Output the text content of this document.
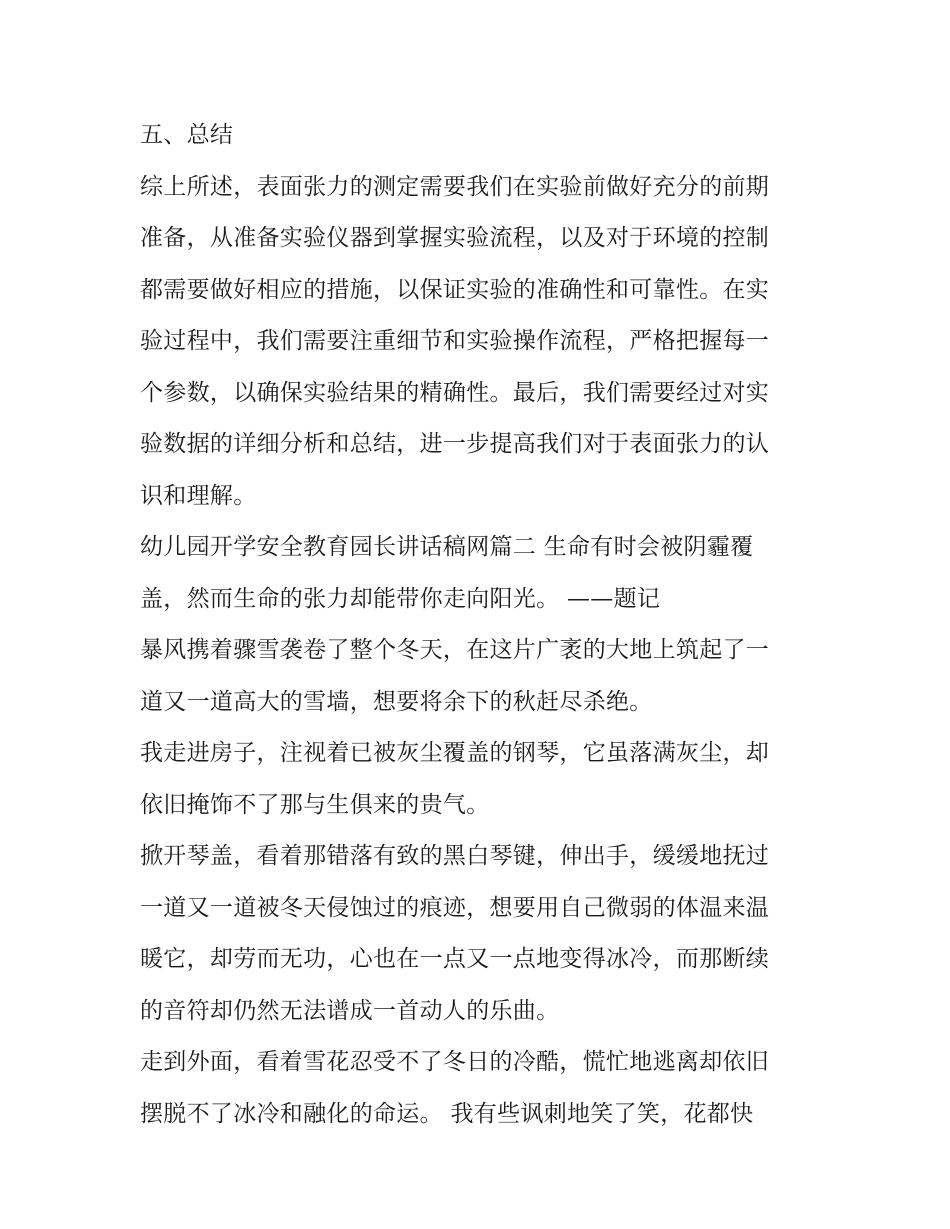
五、总结
综上所述，表面张力的测定需要我们在实验前做好充分的前期
准备，从准备实验仪器到掌握实验流程，以及对于环境的控制
都需要做好相应的措施，以保证实验的准确性和可靠性。在实
验过程中，我们需要注重细节和实验操作流程，严格把握每一
个参数，以确保实验结果的精确性。最后，我们需要经过对实
验数据的详细分析和总结，进一步提高我们对于表面张力的认
识和理解。
幼儿园开学安全教育园长讲话稿网篇二 生命有时会被阴霾覆
盖，然而生命的张力却能带你走向阳光。 ——题记
暴风携着骤雪袭卷了整个冬天，在这片广袤的大地上筑起了一
道又一道高大的雪墙，想要将余下的秋赶尽杀绝。
我走进房子，注视着已被灰尘覆盖的钢琴，它虽落满灰尘，却
依旧掩饰不了那与生俱来的贵气。
掀开琴盖，看着那错落有致的黑白琴键，伸出手，缓缓地抚过
一道又一道被冬天侵蚀过的痕迹，想要用自己微弱的体温来温
暖它，却劳而无功，心也在一点又一点地变得冰冷，而那断续
的音符却仍然无法谱成一首动人的乐曲。
走到外面，看着雪花忍受不了冬日的冷酷，慌忙地逃离却依旧
摆脱不了冰冷和融化的命运。 我有些讽刺地笑了笑，花都快
